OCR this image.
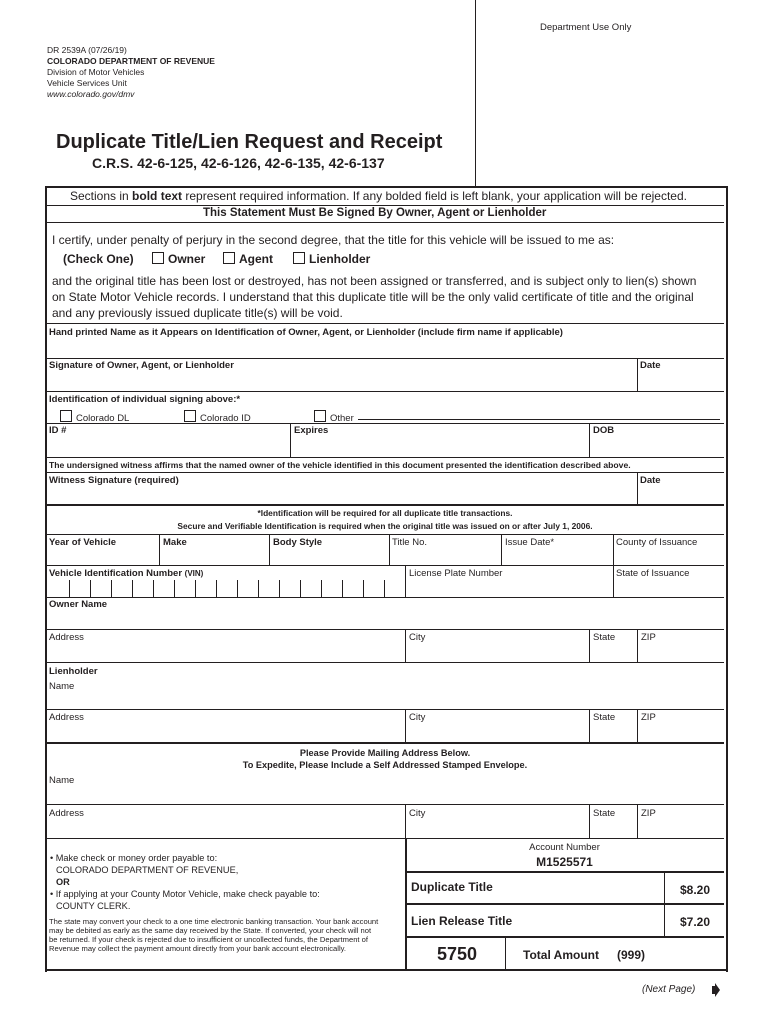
Department Use Only
DR 2539A (07/26/19)
COLORADO DEPARTMENT OF REVENUE
Division of Motor Vehicles
Vehicle Services Unit
www.colorado.gov/dmv
Duplicate Title/Lien Request and Receipt
C.R.S. 42-6-125, 42-6-126, 42-6-135, 42-6-137
Sections in bold text represent required information. If any bolded field is left blank, your application will be rejected.
This Statement Must Be Signed By Owner, Agent or Lienholder
I certify, under penalty of perjury in the second degree, that the title for this vehicle will be issued to me as:
(Check One)	Owner	Agent	Lienholder
and the original title has been lost or destroyed, has not been assigned or transferred, and is subject only to lien(s) shown
on State Motor Vehicle records. I understand that this duplicate title will be the only valid certificate of title and the original
and any previously issued duplicate title(s) will be void.
Hand printed Name as it Appears on Identification of Owner, Agent, or Lienholder (include firm name if applicable)
Signature of Owner, Agent, or Lienholder	Date
Identification of individual signing above:*
Colorado DL	Colorado ID	Other
ID #	Expires	DOB
The undersigned witness affirms that the named owner of the vehicle identified in this document presented the identification described above.
Witness Signature (required)	Date
*Identification will be required for all duplicate title transactions.
Secure and Verifiable Identification is required when the original title was issued on or after July 1, 2006.
Year of Vehicle	Make	Body Style	Title No.	Issue Date*	County of Issuance
Vehicle Identification Number (VIN)	License Plate Number	State of Issuance
Owner Name
Address	City	State	ZIP
Lienholder
Name
Address	City	State	ZIP
Please Provide Mailing Address Below.
To Expedite, Please Include a Self Addressed Stamped Envelope.
Name
Address	City	State	ZIP
• Make check or money order payable to:
COLORADO DEPARTMENT OF REVENUE,
OR
• If applying at your County Motor Vehicle, make check payable to:
COUNTY CLERK.
The state may convert your check to a one time electronic banking transaction. Your bank account
may be debited as early as the same day received by the State. If converted, your check will not
be returned. If your check is rejected due to insufficient or uncollected funds, the Department of
Revenue may collect the payment amount directly from your bank account electronically.
Account Number
M1525571
Duplicate Title	$8.20
Lien Release Title	$7.20
5750	Total Amount (999)
(Next Page)
